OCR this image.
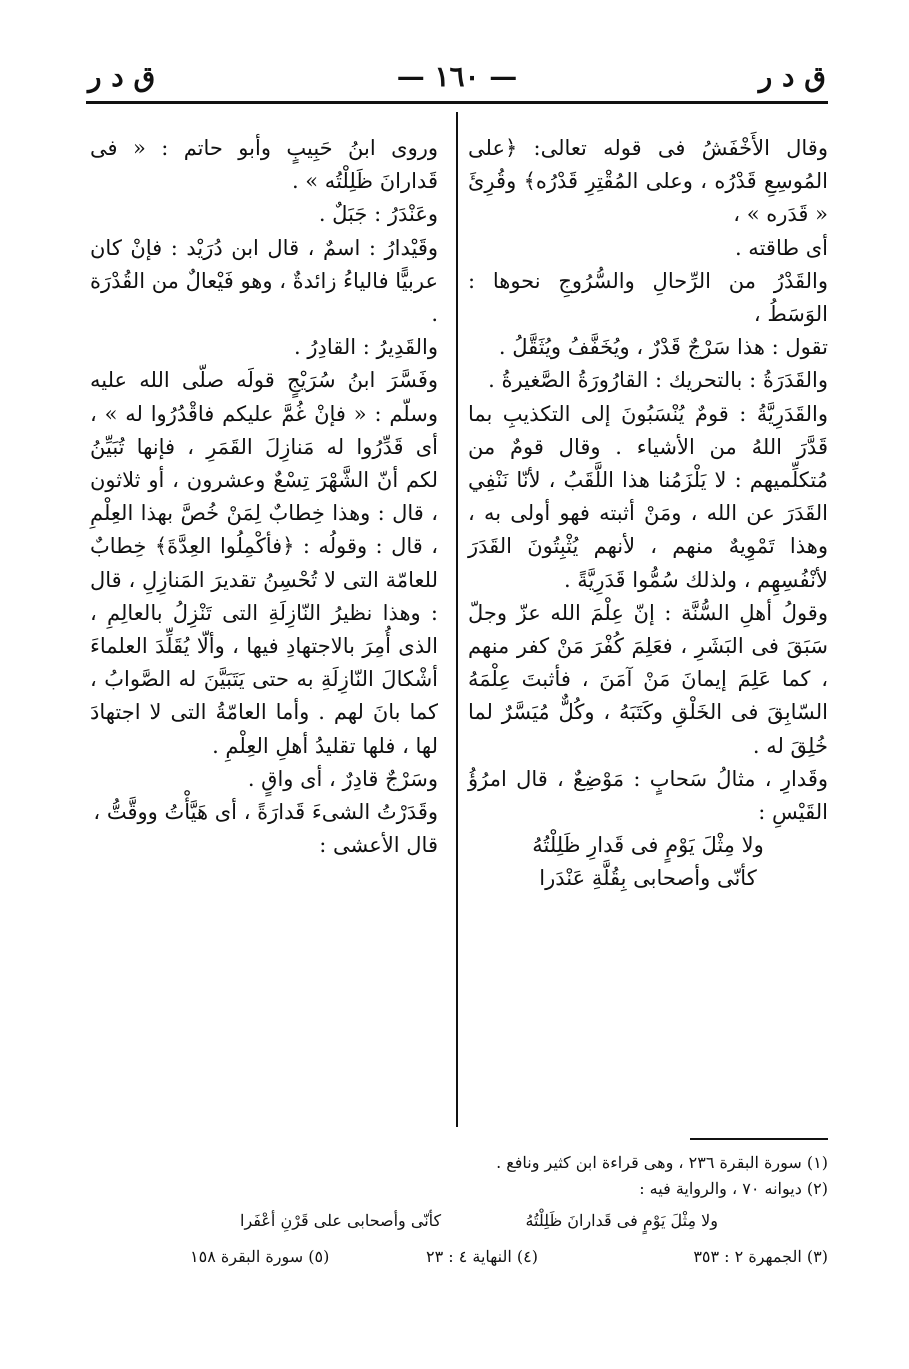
ق د ر
— ١٦٠ —
ق د ر

وقال الأَخْفَشُ فى قوله تعالى: ﴿على المُوسِعِ قَدْرُه ، وعلى المُقْتِرِ قَدْرُه﴾ وقُرِئَ « قَدَره » ،

أى طاقته .

والقَدْرُ من الرِّحالِ والسُّرُوجِ نحوها : الوَسَطُ ،

تقول : هذا سَرْجٌ قَدْرٌ ، ويُخَفَّفُ ويُثَقَّلُ .

والقَدَرَةُ : بالتحريك : القارُورَةُ الصَّغيرةُ .

والقَدَرِيَّةُ : قومٌ يُنْسَبُونَ إلى التكذيبِ بما قَدَّرَ اللهُ من الأشياء . وقال قومٌ من مُتكلِّميهم : لا يَلْزَمُنا هذا اللَّقَبُ ، لأنّا نَنْفِي القَدَرَ عن الله ، ومَنْ أثبته فهو أولى به ، وهذا تَمْوِيهٌ منهم ، لأنهم يُثْبِتُونَ القَدَرَ لأنْفُسِهِم ، ولذلك سُمُّوا قَدَرِيَّةً .

وقولُ أهلِ السُّنَّة : إنّ عِلْمَ الله عزّ وجلّ سَبَقَ فى البَشَرِ ، فعَلِمَ كُفْرَ مَنْ كفر منهم ، كما عَلِمَ إيمانَ مَنْ آمَنَ ، فأثبتَ عِلْمَهُ السّابِقَ فى الخَلْقِ وكَتَبَهُ ، وكُلٌّ مُيَسَّرٌ لما خُلِقَ له .

وقَدارِ ، مثالُ سَحابٍ : مَوْضِعٌ ، قال امرُؤُ القَيْسِ :

ولا مِثْلَ يَوْمٍ فى قَدارِ ظَلِلْتُهُ

كأنّى وأصحابى بِقُلَّةِ عَنْدَرا

وروى ابنُ حَبِيبٍ وأبو حاتم : « فى قَدارانَ ظَلِلْتُه » .

وعَنْدَرُ : جَبَلٌ .

وقَيْدارُ : اسمٌ ، قال ابن دُرَيْد : فإنْ كان عربيًّا فالياءُ زائدةٌ ، وهو فَيْعالٌ من القُدْرَة .

والقَدِيرُ : القادِرُ .

وفَسَّرَ ابنُ سُرَيْجٍ قولَه صلّى الله عليه وسلّم : « فإنْ غُمَّ عليكم فاقْدُرُوا له » ، أى قَدِّرُوا له مَنازِلَ القَمَرِ ، فإنها تُبَيِّنُ لكم أنّ الشَّهْرَ تِسْعٌ وعشرون ، أو ثلاثون ، قال : وهذا خِطابٌ لِمَنْ خُصَّ بهذا العِلْمِ ، قال : وقولُه : ﴿فأكْمِلُوا العِدَّةَ﴾ خِطابٌ للعامّة التى لا تُحْسِنُ تقديرَ المَنازِلِ ، قال : وهذا نظيرُ النّازِلَةِ التى تَنْزِلُ بالعالِمِ ، الذى أُمِرَ بالاجتهادِ فيها ، وألّا يُقَلِّدَ العلماءَ أشْكالَ النّازِلَةِ به حتى يَتَبَيَّنَ له الصَّوابُ ، كما بانَ لهم . وأما العامّةُ التى لا اجتهادَ لها ، فلها تقليدُ أهلِ العِلْمِ .

وسَرْجٌ قادِرٌ ، أى واقٍ .

وقَدَرْتُ الشىءَ قَدارَةً ، أى هَيَّأْتُ ووقَّتُّ ،

قال الأعشى :

(١) سورة البقرة ٢٣٦ ، وهى قراءة ابن كثير ونافع .

(٢) ديوانه ٧٠ ، والرواية فيه :

ولا مِثْلَ يَوْمٍ فى قَدارانَ ظَلِلْتُهُ
كأنّى وأصحابى على قَرْنِ أعْفَرا
(٣) الجمهرة ٢ : ٣٥٣
(٤) النهاية ٤ : ٢٣
(٥) سورة البقرة ١٥٨
